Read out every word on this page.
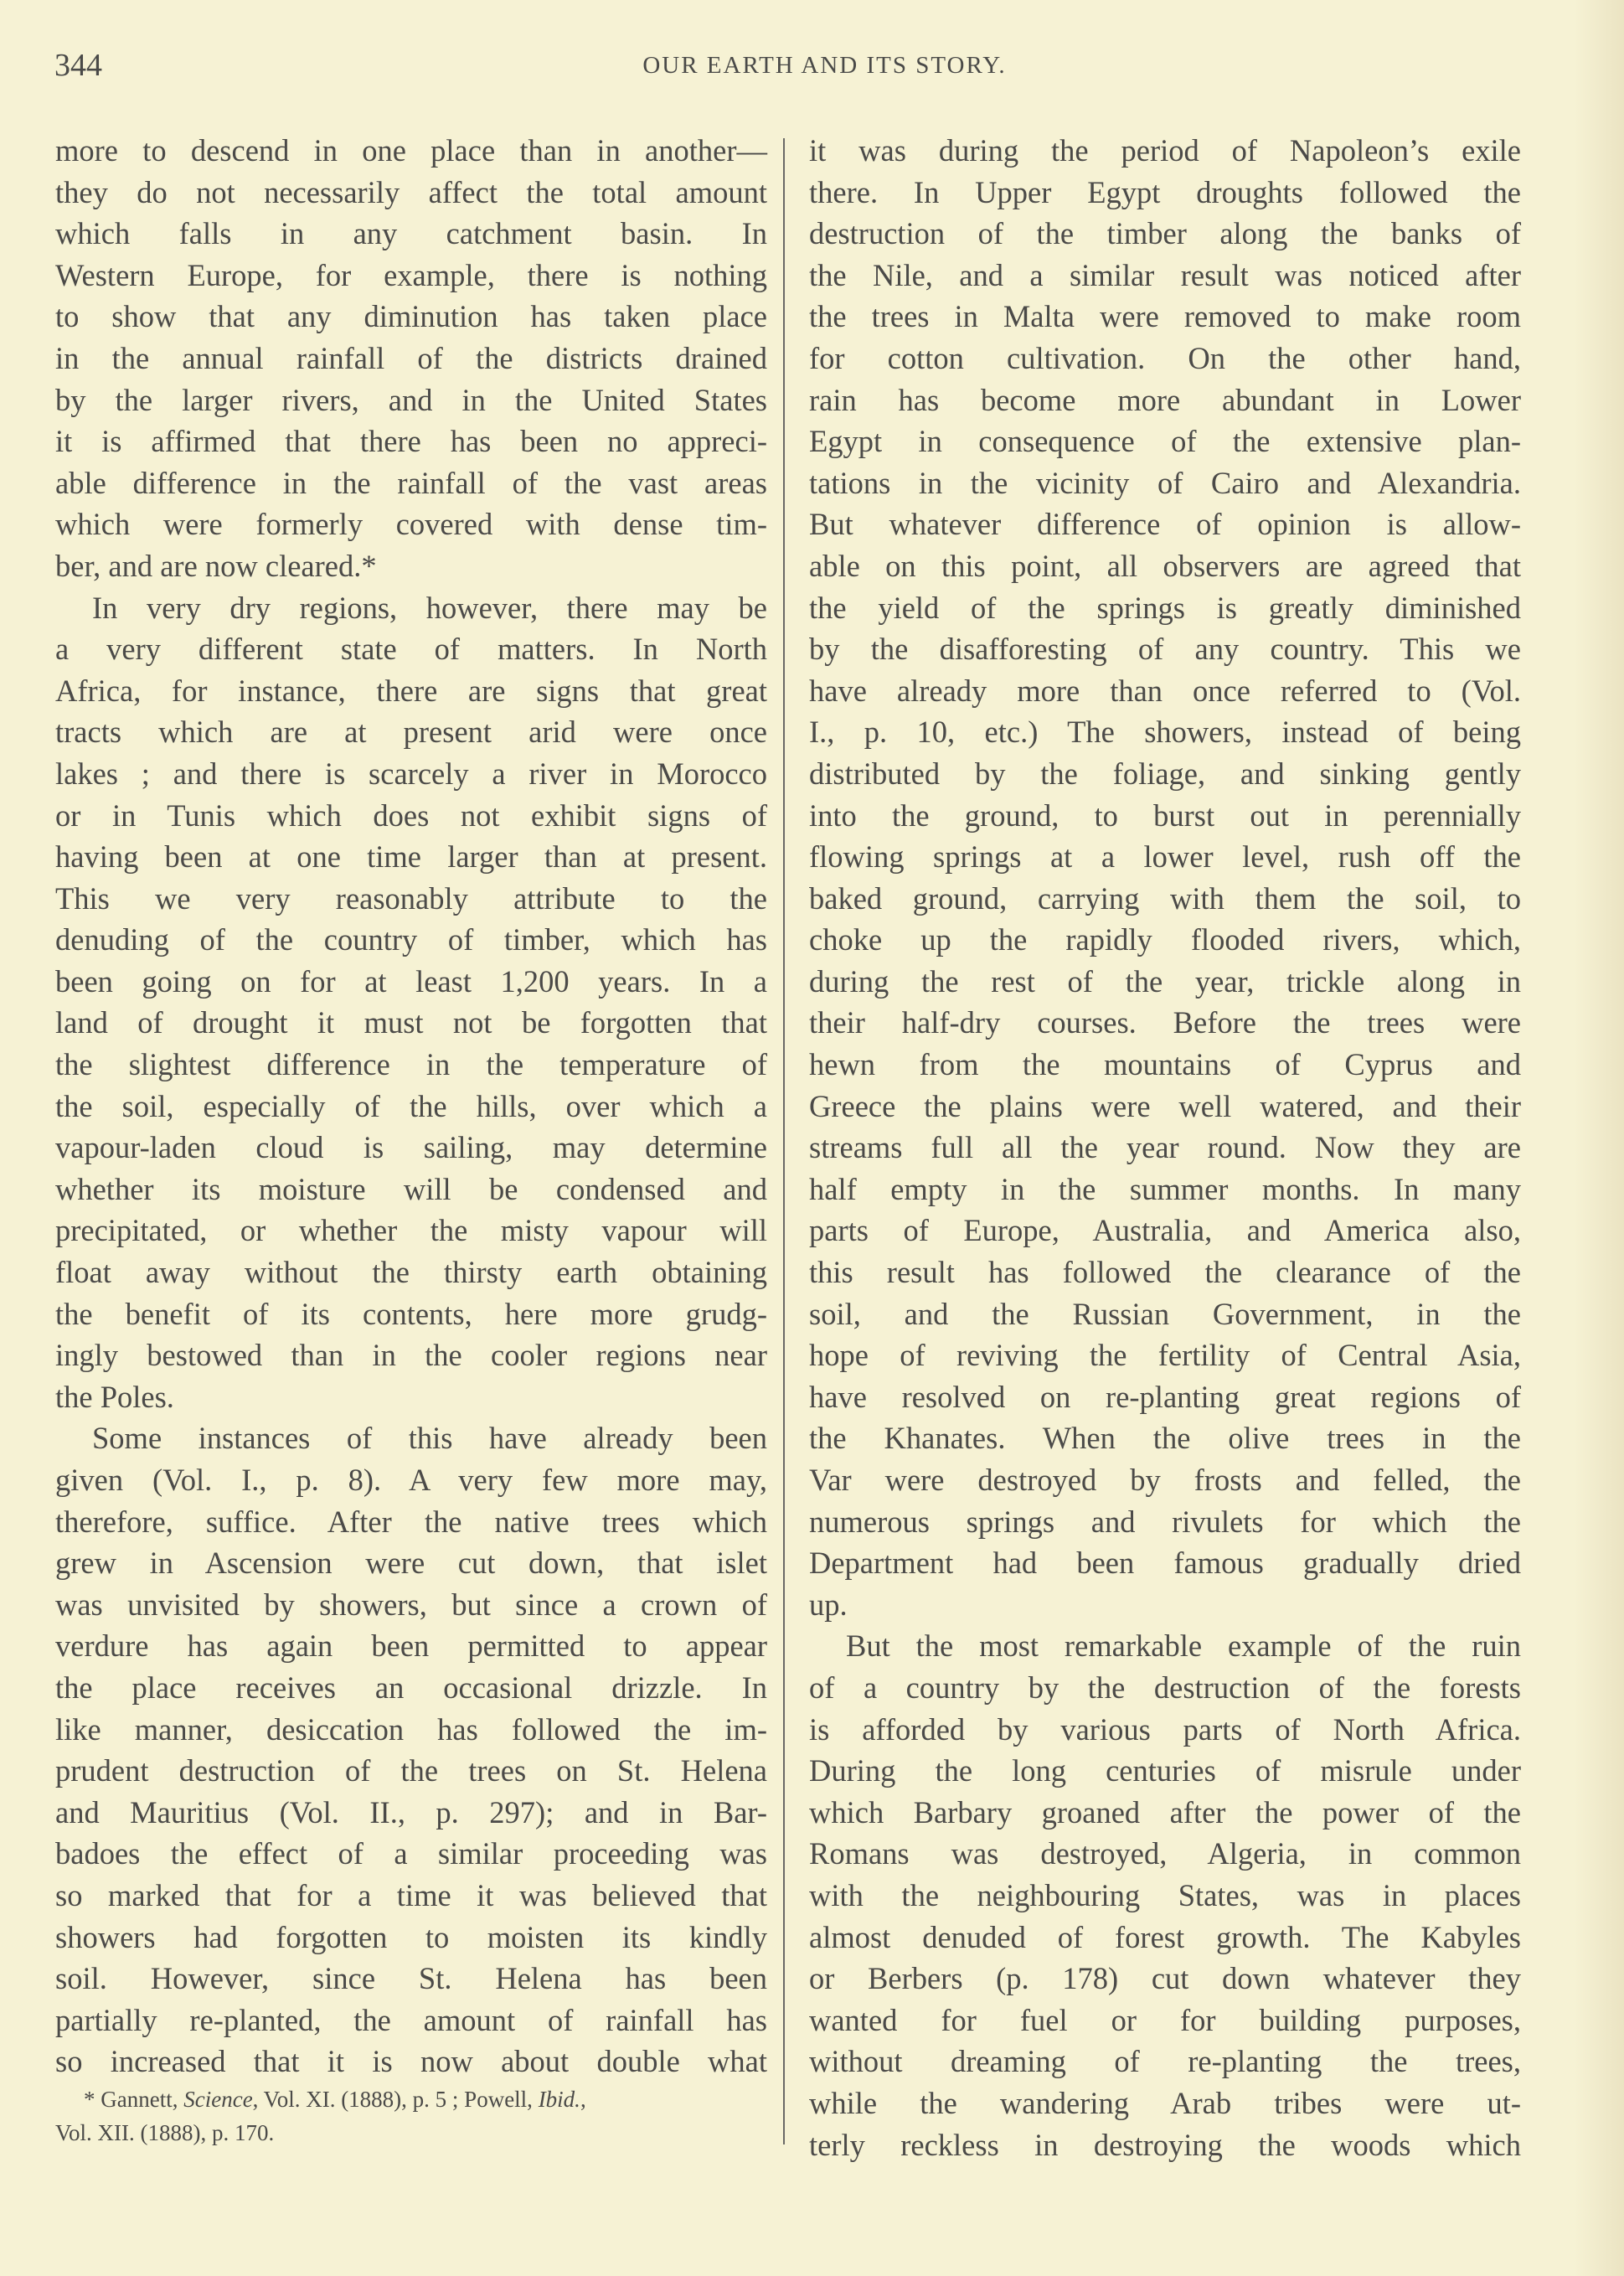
344	OUR EARTH AND ITS STORY.
more to descend in one place than in another—
they do not necessarily affect the total amount
which falls in any catchment basin. In
Western Europe, for example, there is nothing
to show that any diminution has taken place
in the annual rainfall of the districts drained
by the larger rivers, and in the United States
it is affirmed that there has been no appreci-
able difference in the rainfall of the vast areas
which were formerly covered with dense tim-
ber, and are now cleared.*
In very dry regions, however, there may be
a very different state of matters. In North
Africa, for instance, there are signs that great
tracts which are at present arid were once
lakes ; and there is scarcely a river in Morocco
or in Tunis which does not exhibit signs of
having been at one time larger than at present.
This we very reasonably attribute to the
denuding of the country of timber, which has
been going on for at least 1,200 years. In a
land of drought it must not be forgotten that
the slightest difference in the temperature of
the soil, especially of the hills, over which a
vapour-laden cloud is sailing, may determine
whether its moisture will be condensed and
precipitated, or whether the misty vapour will
float away without the thirsty earth obtaining
the benefit of its contents, here more grudg-
ingly bestowed than in the cooler regions near
the Poles.
Some instances of this have already been
given (Vol. I., p. 8). A very few more may,
therefore, suffice. After the native trees which
grew in Ascension were cut down, that islet
was unvisited by showers, but since a crown of
verdure has again been permitted to appear
the place receives an occasional drizzle. In
like manner, desiccation has followed the im-
prudent destruction of the trees on St. Helena
and Mauritius (Vol. II., p. 297); and in Bar-
badoes the effect of a similar proceeding was
so marked that for a time it was believed that
showers had forgotten to moisten its kindly
soil. However, since St. Helena has been
partially re-planted, the amount of rainfall has
so increased that it is now about double what
it was during the period of Napoleon’s exile
there. In Upper Egypt droughts followed the
destruction of the timber along the banks of
the Nile, and a similar result was noticed after
the trees in Malta were removed to make room
for cotton cultivation. On the other hand,
rain has become more abundant in Lower
Egypt in consequence of the extensive plan-
tations in the vicinity of Cairo and Alexandria.
But whatever difference of opinion is allow-
able on this point, all observers are agreed that
the yield of the springs is greatly diminished
by the disafforesting of any country. This we
have already more than once referred to (Vol.
I., p. 10, etc.) The showers, instead of being
distributed by the foliage, and sinking gently
into the ground, to burst out in perennially
flowing springs at a lower level, rush off the
baked ground, carrying with them the soil, to
choke up the rapidly flooded rivers, which,
during the rest of the year, trickle along in
their half-dry courses. Before the trees were
hewn from the mountains of Cyprus and
Greece the plains were well watered, and their
streams full all the year round. Now they are
half empty in the summer months. In many
parts of Europe, Australia, and America also,
this result has followed the clearance of the
soil, and the Russian Government, in the
hope of reviving the fertility of Central Asia,
have resolved on re-planting great regions of
the Khanates. When the olive trees in the
Var were destroyed by frosts and felled, the
numerous springs and rivulets for which the
Department had been famous gradually dried
up.
But the most remarkable example of the ruin
of a country by the destruction of the forests
is afforded by various parts of North Africa.
During the long centuries of misrule under
which Barbary groaned after the power of the
Romans was destroyed, Algeria, in common
with the neighbouring States, was in places
almost denuded of forest growth. The Kabyles
or Berbers (p. 178) cut down whatever they
wanted for fuel or for building purposes,
without dreaming of re-planting the trees,
while the wandering Arab tribes were ut-
terly reckless in destroying the woods which
* Gannett, Science, Vol. XI. (1888), p. 5 ; Powell, Ibid.,
Vol. XII. (1888), p. 170.
